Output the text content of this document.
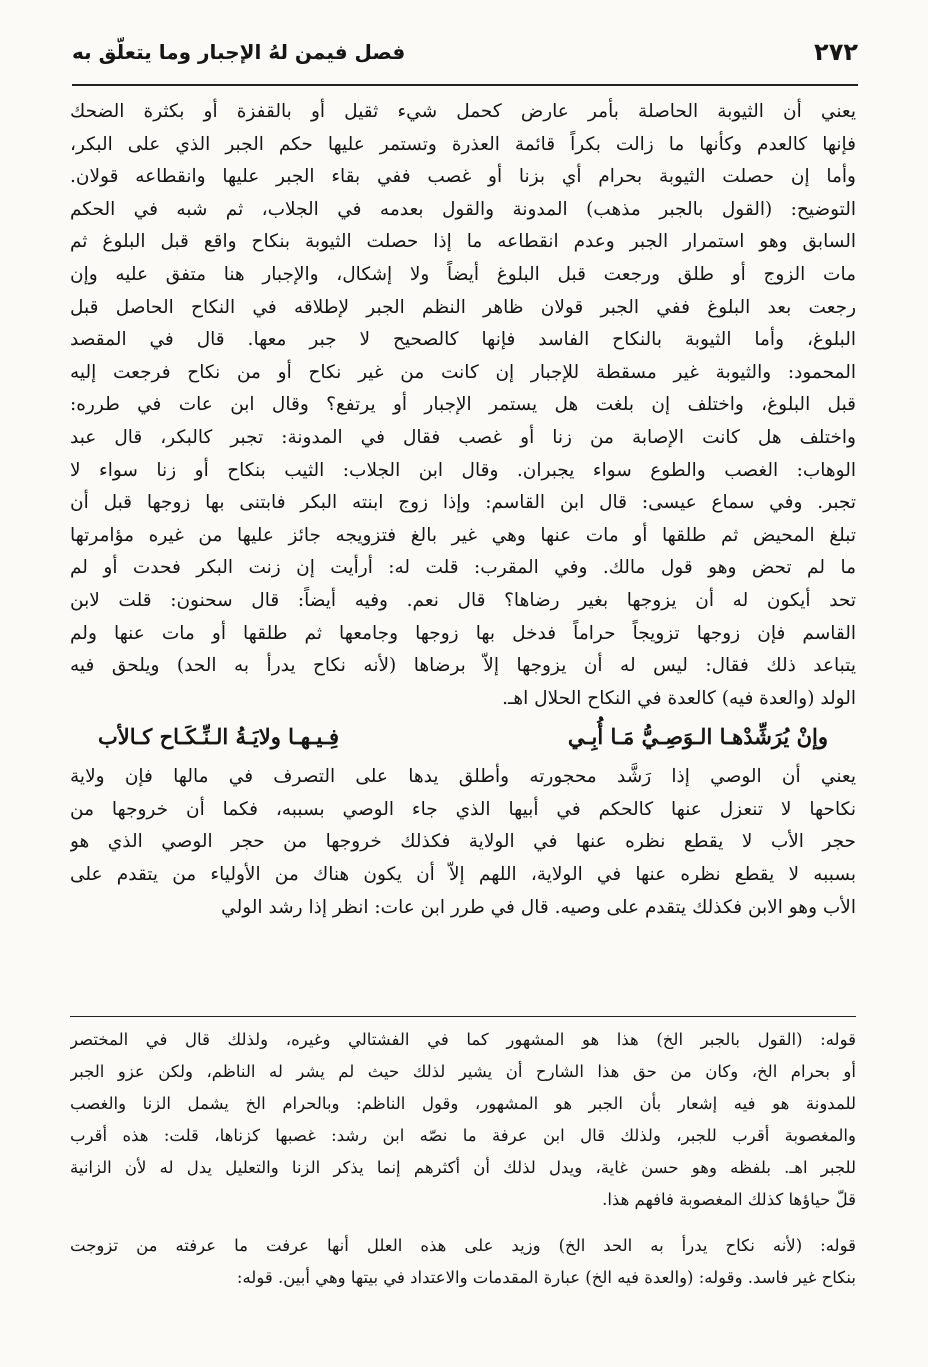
٢٧٢
فصل فيمن لهُ الإجبار وما يتعلّق به
يعني أن الثيوبة الحاصلة بأمر عارض كحمل شيء ثقيل أو بالقفزة أو بكثرة الضحك
فإنها كالعدم وكأنها ما زالت بكراً قائمة العذرة وتستمر عليها حكم الجبر الذي على البكر،
وأما إن حصلت الثيوبة بحرام أي بزنا أو غصب ففي بقاء الجبر عليها وانقطاعه قولان.
التوضيح: (القول بالجبر مذهب) المدونة والقول بعدمه في الجلاب، ثم شبه في الحكم
السابق وهو استمرار الجبر وعدم انقطاعه ما إذا حصلت الثيوبة بنكاح واقع قبل البلوغ ثم
مات الزوج أو طلق ورجعت قبل البلوغ أيضاً ولا إشكال، والإجبار هنا متفق عليه وإن
رجعت بعد البلوغ ففي الجبر قولان ظاهر النظم الجبر لإطلاقه في النكاح الحاصل قبل
البلوغ، وأما الثيوبة بالنكاح الفاسد فإنها كالصحيح لا جبر معها. قال في المقصد
المحمود: والثيوبة غير مسقطة للإجبار إن كانت من غير نكاح أو من نكاح فرجعت إليه
قبل البلوغ، واختلف إن بلغت هل يستمر الإجبار أو يرتفع؟ وقال ابن عات في طرره:
واختلف هل كانت الإصابة من زنا أو غصب فقال في المدونة: تجبر كالبكر، قال عبد
الوهاب: الغصب والطوع سواء يجبران. وقال ابن الجلاب: الثيب بنكاح أو زنا سواء لا
تجبر. وفي سماع عيسى: قال ابن القاسم: وإذا زوج ابنته البكر فابتنى بها زوجها قبل أن
تبلغ المحيض ثم طلقها أو مات عنها وهي غير بالغ فتزويجه جائز عليها من غيره مؤامرتها
ما لم تحض وهو قول مالك. وفي المقرب: قلت له: أرأيت إن زنت البكر فحدت أو لم
تحد أيكون له أن يزوجها بغير رضاها؟ قال نعم. وفيه أيضاً: قال سحنون: قلت لابن
القاسم فإن زوجها تزويجاً حراماً فدخل بها زوجها وجامعها ثم طلقها أو مات عنها ولم
يتباعد ذلك فقال: ليس له أن يزوجها إلاّ برضاها (لأنه نكاح يدرأ به الحد) ويلحق فيه
الولد (والعدة فيه) كالعدة في النكاح الحلال اهـ.
وإنْ يُرَشِّدْهـا الـوَصِـيُّ مَـا أُبِـي
فِـيـهـا ولايَـةُ الـنِّـكَـاح كـالأب
يعني أن الوصي إذا رَشَّد محجورته وأطلق يدها على التصرف في مالها فإن ولاية
نكاحها لا تنعزل عنها كالحكم في أبيها الذي جاء الوصي بسببه، فكما أن خروجها من
حجر الأب لا يقطع نظره عنها في الولاية فكذلك خروجها من حجر الوصي الذي هو
بسببه لا يقطع نظره عنها في الولاية، اللهم إلاّ أن يكون هناك من الأولياء من يتقدم على
الأب وهو الابن فكذلك يتقدم على وصيه. قال في طرر ابن عات: انظر إذا رشد الولي
قوله: (القول بالجبر الخ) هذا هو المشهور كما في الفشتالي وغيره، ولذلك قال في المختصر
أو بحرام الخ، وكان من حق هذا الشارح أن يشير لذلك حيث لم يشر له الناظم، ولكن عزو الجبر
للمدونة هو فيه إشعار بأن الجبر هو المشهور، وقول الناظم: وبالحرام الخ يشمل الزنا والغصب
والمغصوبة أقرب للجبر، ولذلك قال ابن عرفة ما نصّه ابن رشد: غصبها كزناها، قلت: هذه أقرب
للجبر اهـ. بلفظه وهو حسن غاية، ويدل لذلك أن أكثرهم إنما يذكر الزنا والتعليل يدل له لأن الزانية
قلّ حياؤها كذلك المغصوبة فافهم هذا.
قوله: (لأنه نكاح يدرأ به الحد الخ) وزيد على هذه العلل أنها عرفت ما عرفته من تزوجت
بنكاح غير فاسد. وقوله: (والعدة فيه الخ) عبارة المقدمات والاعتداد في بيتها وهي أبين. قوله:
